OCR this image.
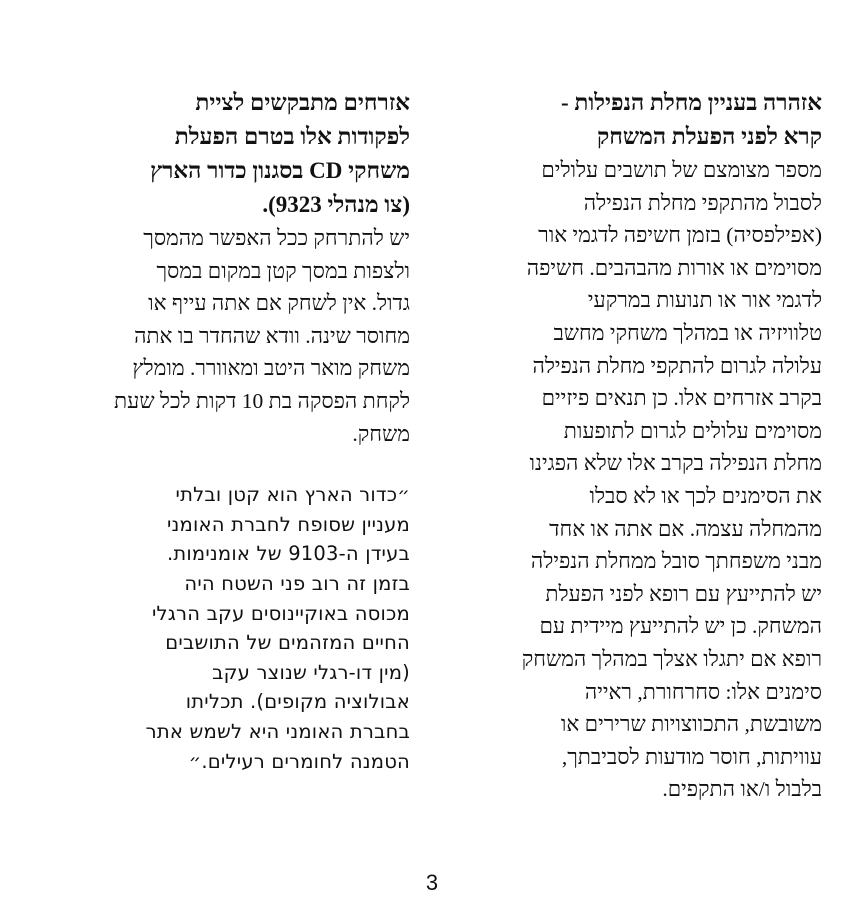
אזהרה בעניין מחלת הנפילות -
קרא לפני הפעלת המשחק
מספר מצומצם של תושבים עלולים
לסבול מהתקפי מחלת הנפילה
(אפילפסיה) בזמן חשיפה לדגמי אור
מסוימים או אורות מהבהבים. חשיפה
לדגמי אור או תנועות במרקעי
טלוויזיה או במהלך משחקי מחשב
עלולה לגרום להתקפי מחלת הנפילה
בקרב אזרחים אלו. כן תנאים פיזיים
מסוימים עלולים לגרום לתופעות
מחלת הנפילה בקרב אלו שלא הפגינו
את הסימנים לכך או לא סבלו
מהמחלה עצמה. אם אתה או אחד
מבני משפחתך סובל ממחלת הנפילה
יש להתייעץ עם רופא לפני הפעלת
המשחק. כן יש להתייעץ מיידית עם
רופא אם יתגלו אצלך במהלך המשחק
סימנים אלו: סחרחורת, ראייה
משובשת, התכווצויות שרירים או
עוויתות, חוסר מודעות לסביבתך,
בלבול ו/או התקפים.
אזרחים מתבקשים לציית
לפקודות אלו בטרם הפעלת
משחקי CD בסגנון כדור הארץ
(צו מנהלי 9323).
יש להתרחק ככל האפשר מהמסך
ולצפות במסך קטן במקום במסך
גדול. אין לשחק אם אתה עייף או
מחוסר שינה. וודא שהחדר בו אתה
משחק מואר היטב ומאוורר. מומלץ
לקחת הפסקה בת 10 דקות לכל שעת
משחק.
״כדור הארץ הוא קטן ובלתי
מעניין שסופח לחברת האומני
בעידן ה-9103 של אומנימות.
בזמן זה רוב פני השטח היה
מכוסה באוקיינוסים עקב הרגלי
החיים המזהמים של התושבים
(מין דו-רגלי שנוצר עקב
אבולוציה מקופים). תכליתו
בחברת האומני היא לשמש אתר
הטמנה לחומרים רעילים.״
3
